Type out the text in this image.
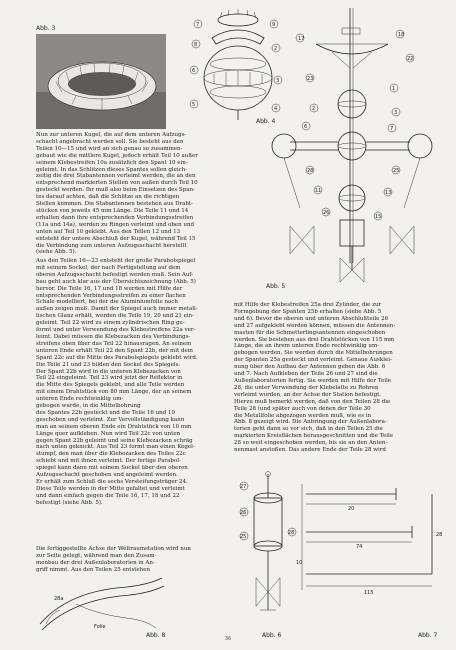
Abb. 3	7	9
8
2
6
3
5
4
Abb. 4
17
18
22
23
1
2
3
6	7
28	25
11	13
15
26
Abb. 5
Nun zur unteren Kugel, die auf dem unteren Aufzugs-
schacht angebracht werden soll. Sie besteht aus den
Teilen 10—15 und wird an sich genau so zusammen-
gebaut wie die mittlere Kugel, jedoch erhält Teil 10 außer
seinem Klebestreifen 10a zusätzlich den Spant 10 ein-
geleimt. In das Schlitzen dieses Spantes sollen gleich-
zeitig die drei Stabantennen verleimt werden, die an den
entsprechend markierten Stellen von außen durch Teil 10
gesteckt werden. Ihr muß also beim Einsetzen des Span-
tes darauf achten, daß die Schlitze an die richtigen
Stellen kommen. Die Stabantennen bestehen aus Draht-
stücken von jeweils 45 mm Länge. Die Teile 11 und 14
erhalten dann ihre entsprechenden Verbindungsstreifen
(11a und 14a), werden zu Ringen verleimt und oben und
unten auf Teil 10 geklebt. Aus den Teilen 12 und 13
entsteht der untere Abschluß der Kugel, während Teil 15
die Verbindung zum unteren Aufzugsschacht herstellt
(siehe Abb. 5).
Aus den Teilen 16—23 entsteht der große Parabolspiegel
mit seinem Sockel, der nach Fertigstellung auf dem
oberen Aufzugsschacht befestigt werden muß. Sein Auf-
bau geht auch klar aus der Übersichtszeichnung (Abb. 5)
hervor. Die Teile 16, 17 und 18 werden mit Hilfe der
entsprechenden Verbindungsstreifen zu einer flachen
Schale modelliert, bei der die Aluminiumfolie nach
außen zeigen muß. Damit der Spiegel auch immer metall-
lischen Glanz erhält, werden die Teile 19, 20 und 21 ein-
geleimt. Teil 22 wird zu einem zylindrischen Ring ge-
formt und unter Verwendung des Klebestreifens 22a ver-
leimt. Dabei müssen die Klebezacken des Verbindungs-
streifens oben über das Teil 22 hinausragen. An seinem
unteren Ende erhält Teil 22 den Spant 22b, der mit dem
Spant 22c auf die Mitte des Parabolspiegels geklebt wird.
Die Teile 21 und 23 bilden den Sockel des Spiegels.
Der Spant 22b wird in die unteren Klebezacken von
Teil 22 eingeleimt. Teil 23 wird jetzt der Reflektor in
die Mitte des Spiegels geklebt, und alle Teile werden
mit einem Drahtstück von 80 mm Länge, der an seinem
unteren Ende rechtwinklig um-
gebogen wurde, in die Mittelbohrung
des Spantes 22b gesteckt und die Teile 16 und 19
geschoben und verleimt. Zur Vervollständigung kann
man an seinem oberen Ende ein Drahtstück von 10 mm
Länge quer aufkleben. Nun wird Teil 22c von unten
gegen Spant 22b geleimt und seine Klebezacken schräg
nach unten geknickt. Aus Teil 23 formt man einen Kegel-
stumpf, den man über die Klebezacken des Teiles 22c
schiebt und mit ihnen verleimt. Der fertige Parabol-
spiegel kann dann mit seinem Sockel über den oberen
Aufzugsschacht geschoben und angeleimt werden.
Er erhält zum Schluß die sechs Versteifungsträger 24.
Diese Teile werden in der Mitte gefaltet und verleimt
und dann einfach gegen die Teile 16, 17, 18 und 22
befestigt (siehe Abb. 5).
Die fertiggestellte Achse der Weltraumstation wird nun
zur Seite gelegt, während man den Zusam-
menbau der drei Außenlaboratorien in An-
griff nimmt. Aus den Teilen 25 entstehen
mit Hilfe der Klebestreifen 25a drei Zylinder, die zur
Formgebung der Spanten 25b erhalten (siehe Abb. 5
und 6). Bevor die oberen und unteren Abschlußteile 26
und 27 aufgeklebt werden können, müssen die Antennen-
masten für die Schmetterlingsantennen eingeschoben
werden. Sie bestehen aus drei Drahtstücken von 115 mm
Länge, die an ihrem unteren Ende rechtwinklig um-
gebogen werden. Sie werden durch die Mittelbohrungen
der Spanten 25a gesteckt und verleimt. Genaue Ausklei-
nung über den Aufbau der Antennen geben die Abb. 6
und 7. Nach Aufkleben der Teile 26 und 27 sind die
Außenlaboratorien fertig. Sie werden mit Hilfe der Teile
28, die unter Verwendung der Klebelatte zu Rohren
verleimt wurden, an der Achse der Station befestigt.
Hierzu muß bemerkt werden, daß von den Teilen 28 die
Teile 28 (und später auch von denen der Teile 30
die Metallfolie abgezogen werden muß, wie es in
Abb. 8 gezeigt wird. Die Anbringung der Außenlabora-
torien geht dann so vor sich, daß in den Teilen 25 die
markierten Kreisflächen herausgeschnitten und die Teile
28 so weit eingeschoben werden, bis sie an den Anten-
nenmast anstoßen. Das andere Ende der Teile 28 wird
28a
Folie
Abb. 8
27
26
25
28
Abb. 6
20
74
115
28
10
Abb. 7
36
